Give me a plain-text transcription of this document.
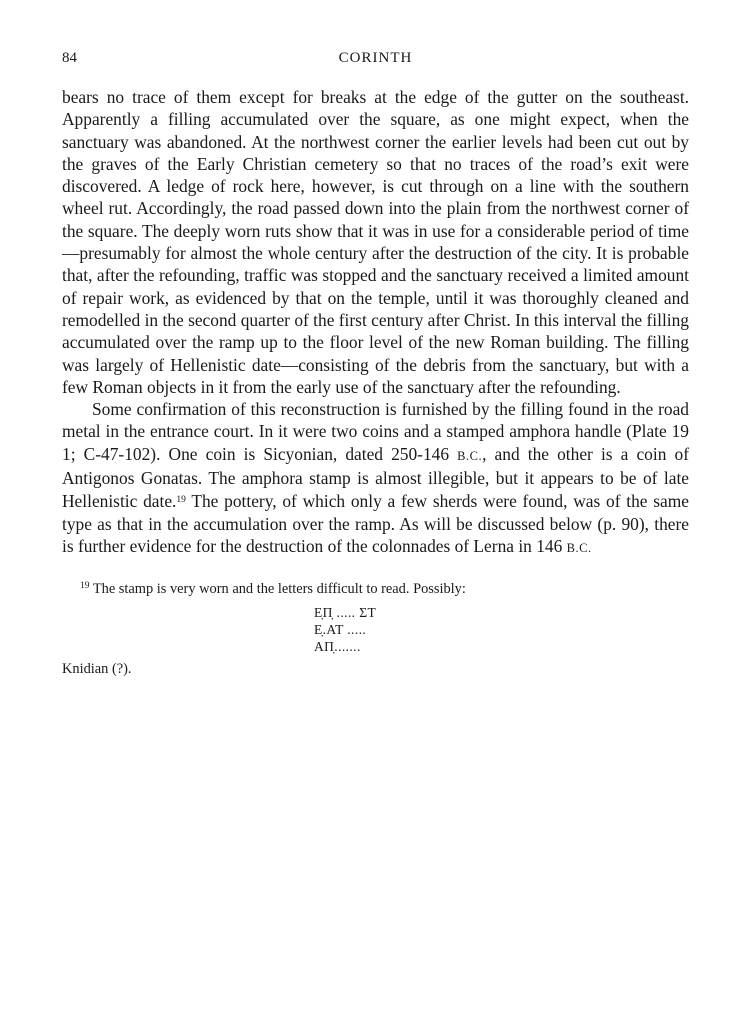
84	CORINTH

bears no trace of them except for breaks at the edge of the gutter on the southeast. Apparently a filling accumulated over the square, as one might expect, when the sanctuary was abandoned. At the northwest corner the earlier levels had been cut out by the graves of the Early Christian cemetery so that no traces of the road’s exit were discovered. A ledge of rock here, however, is cut through on a line with the southern wheel rut. Accordingly, the road passed down into the plain from the northwest corner of the square. The deeply worn ruts show that it was in use for a considerable period of time—presumably for almost the whole century after the destruction of the city. It is probable that, after the refounding, traffic was stopped and the sanctuary received a limited amount of repair work, as evidenced by that on the temple, until it was thoroughly cleaned and remodelled in the second quarter of the first century after Christ. In this interval the filling accumulated over the ramp up to the floor level of the new Roman building. The filling was largely of Hellenistic date—consisting of the debris from the sanctuary, but with a few Roman objects in it from the early use of the sanctuary after the refounding.

Some confirmation of this reconstruction is furnished by the filling found in the road metal in the entrance court. In it were two coins and a stamped amphora handle (Plate 19 1; C-47-102). One coin is Sicyonian, dated 250-146 B.C., and the other is a coin of Antigonos Gonatas. The amphora stamp is almost illegible, but it appears to be of late Hellenistic date.$^{19}$ The pottery, of which only a few sherds were found, was of the same type as that in the accumulation over the ramp. As will be discussed below (p. 90), there is further evidence for the destruction of the colonnades of Lerna in 146 B.C.

$^{19}$ The stamp is very worn and the letters difficult to read. Possibly:
Ε̣Π̣ ..... ΣΤ
Ε̣.ΑΤ .....
ΑΠ̣.......
Knidian (?).
